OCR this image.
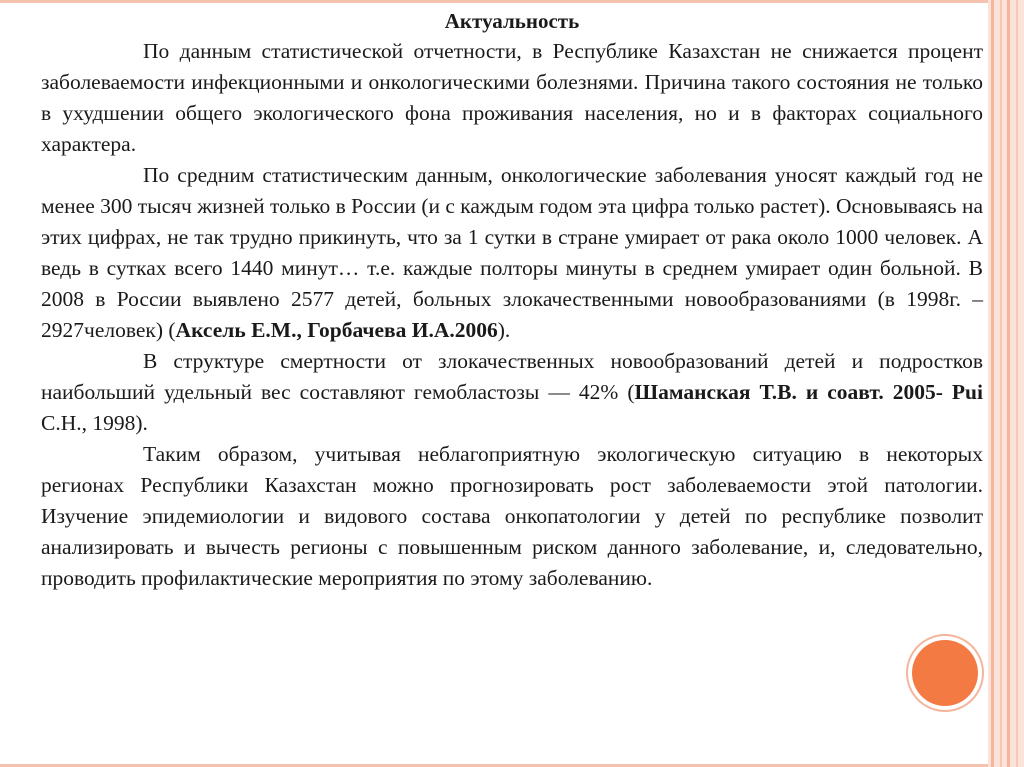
Актуальность

По данным статистической отчетности, в Республике Казахстан не снижается процент заболеваемости инфекционными и онкологическими болезнями. Причина такого состояния не только в ухудшении общего экологического фона проживания населения, но и в факторах социального характера.

По средним статистическим данным, онкологические заболевания уносят каждый год не менее 300 тысяч жизней только в России (и с каждым годом эта цифра только растет). Основываясь на этих цифрах, не так трудно прикинуть, что за 1 сутки в стране умирает от рака около 1000 человек. А ведь в сутках всего 1440 минут… т.е. каждые полторы минуты в среднем умирает один больной. В 2008 в России выявлено 2577 детей, больных злокачественными новообразованиями (в 1998г. – 2927человек) (Аксель Е.М., Горбачева И.А.2006).

В структуре смертности от злокачественных новообразований детей и подростков наибольший удельный вес составляют гемобластозы — 42% (Шаманская Т.В. и соавт. 2005- Pui С.Н., 1998).

Таким образом, учитывая неблагоприятную экологическую ситуацию в некоторых регионах Республики Казахстан можно прогнозировать рост заболеваемости этой патологии. Изучение эпидемиологии и видового состава онкопатологии у детей по республике позволит анализировать и вычесть регионы с повышенным риском данного заболевание, и, следовательно, проводить профилактические мероприятия по этому заболеванию.
